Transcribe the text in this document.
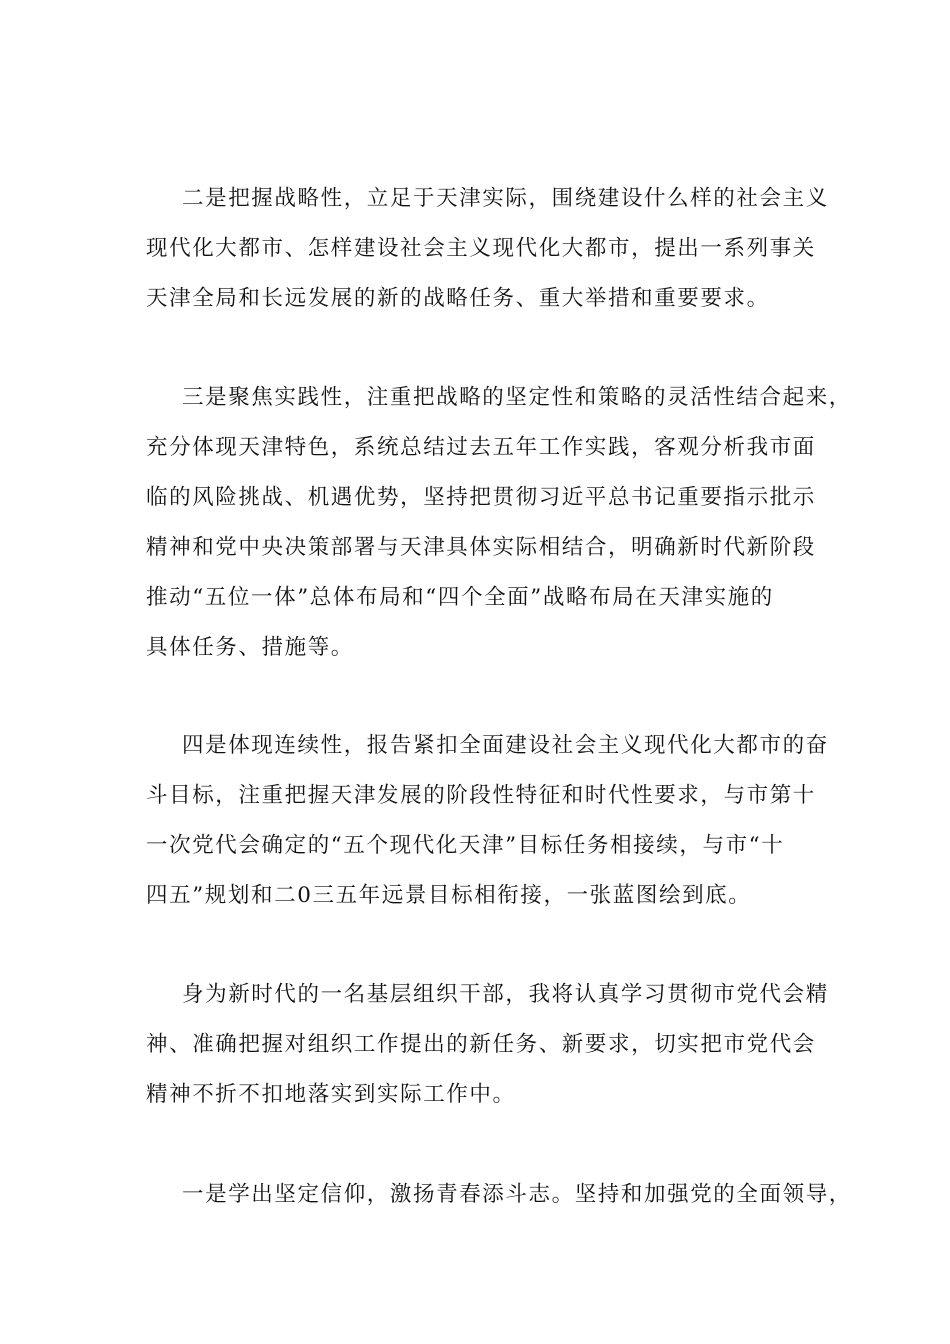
二是把握战略性，立足于天津实际，围绕建设什么样的社会主义
现代化大都市、怎样建设社会主义现代化大都市，提出一系列事关
天津全局和长远发展的新的战略任务、重大举措和重要要求。
三是聚焦实践性，注重把战略的坚定性和策略的灵活性结合起来，
充分体现天津特色，系统总结过去五年工作实践，客观分析我市面
临的风险挑战、机遇优势，坚持把贯彻习近平总书记重要指示批示
精神和党中央决策部署与天津具体实际相结合，明确新时代新阶段
推动“五位一体”总体布局和“四个全面”战略布局在天津实施的
具体任务、措施等。
四是体现连续性，报告紧扣全面建设社会主义现代化大都市的奋
斗目标，注重把握天津发展的阶段性特征和时代性要求，与市第十
一次党代会确定的“五个现代化天津”目标任务相接续，与市“十
四五”规划和二0三五年远景目标相衔接，一张蓝图绘到底。
身为新时代的一名基层组织干部，我将认真学习贯彻市党代会精
神、准确把握对组织工作提出的新任务、新要求，切实把市党代会
精神不折不扣地落实到实际工作中。
一是学出坚定信仰，激扬青春添斗志。坚持和加强党的全面领导，
